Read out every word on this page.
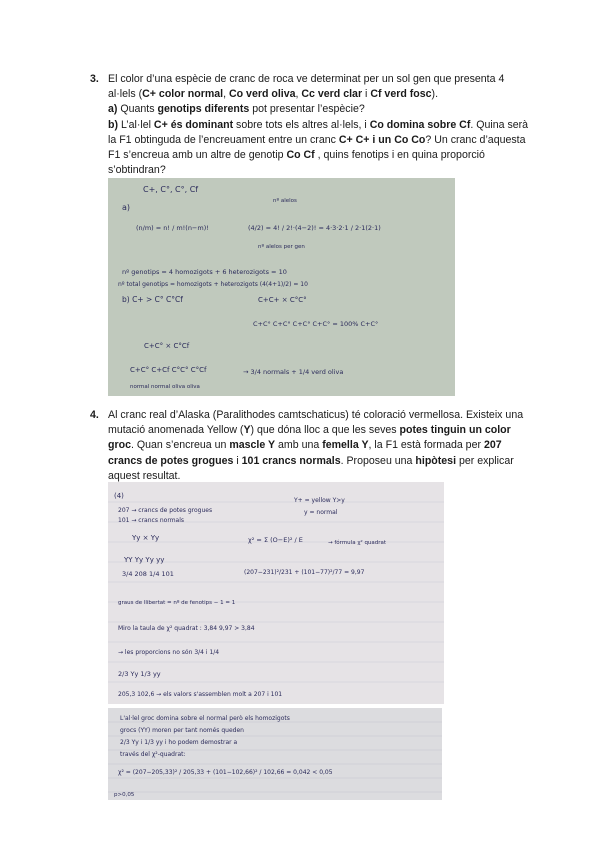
3. El color d’una espècie de cranc de roca ve determinat per un sol gen que presenta 4 al·lels (C+ color normal, Co verd oliva, Cc verd clar i Cf verd fosc).

a) Quants genotips diferents pot presentar l’espècie?

b) L’al·lel C+ és dominant sobre tots els altres al·lels, i Co domina sobre Cf. Quina serà la F1 obtinguda de l’encreuament entre un cranc C+ C+ i un Co Co? Un cranc d’aquesta F1 s’encreua amb un altre de genotip Co Cf , quins fenotips i en quina proporció s’obtindran?

C+, C°, C°, Cf
a)
nº alelos
(n/m) = n! / m!(n−m)!	(4/2) = 4! / 2!·(4−2)! = 4·3·2·1 / 2·1(2·1)
nº alelos per gen
nº genotips = 4 homozigots + 6 heterozigots = 10
nº total genotips = homozigots + heterozigots (4(4+1)/2) = 10
b) C+ > C° C°Cf	C+C+ × C°C°
C+C° C+C° C+C° C+C° = 100% C+C°
C+C° × C°Cf
C+C° C+Cf C°C° C°Cf	→ 3/4 normals + 1/4 verd oliva
normal normal oliva oliva
4. Al cranc real d’Alaska (Paralithodes camtschaticus) té coloració vermellosa. Existeix una mutació anomenada Yellow (Y) que dóna lloc a que les seves potes tinguin un color groc. Quan s’encreua un mascle Y amb una femella Y, la F1 està formada per 207 crancs de potes grogues i 101 crancs normals. Proposeu una hipòtesi per explicar aquest resultat.

(4)
207 → crancs de potes grogues
101 → crancs normals
Y+ = yellow Y>y
y = normal
Yy × Yy	χ² = Σ (O−E)² / E
YY Yy Yy yy
→ fórmula χ² quadrat
3/4 208 1/4 101	(207−231)²/231 + (101−77)²/77 = 9,97
graus de llibertat = nº de fenotips − 1 = 1
Miro la taula de χ² quadrat : 3,84 9,97 > 3,84
→ les proporcions no són 3/4 i 1/4
2/3 Yy 1/3 yy
205,3 102,6 → els valors s'assemblen molt a 207 i 101
L'al·lel groc domina sobre el normal però els homozigots
grocs (YY) moren per tant només queden
2/3 Yy i 1/3 yy i ho podem demostrar a
través del χ²-quadrat:
χ² = (207−205,33)² / 205,33 + (101−102,66)² / 102,66 = 0,042 < 0,05
p>0,05
